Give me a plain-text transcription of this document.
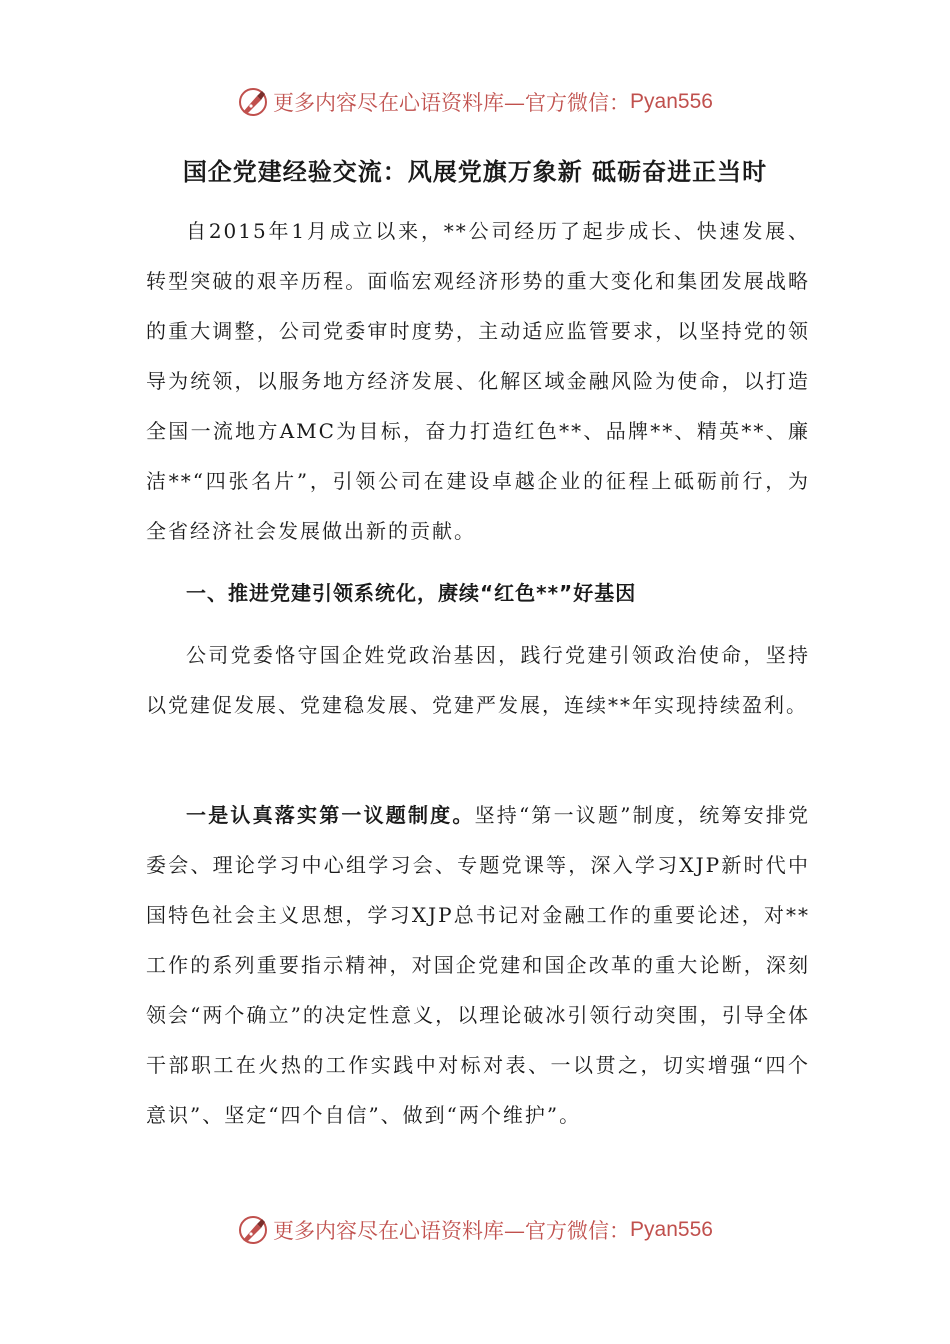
更多内容尽在心语资料库—官方微信： Pyan556
国企党建经验交流：风展党旗万象新 砥砺奋进正当时

自2015年1月成立以来，**公司经历了起步成长、快速发展、转型突破的艰辛历程。面临宏观经济形势的重大变化和集团发展战略的重大调整，公司党委审时度势，主动适应监管要求，以坚持党的领导为统领，以服务地方经济发展、化解区域金融风险为使命，以打造全国一流地方AMC为目标，奋力打造红色**、品牌**、精英**、廉洁**“四张名片”，引领公司在建设卓越企业的征程上砥砺前行，为全省经济社会发展做出新的贡献。

一、推进党建引领系统化，赓续“红色**”好基因

公司党委恪守国企姓党政治基因，践行党建引领政治使命，坚持以党建促发展、党建稳发展、党建严发展，连续**年实现持续盈利。

一是认真落实第一议题制度。坚持“第一议题”制度，统筹安排党委会、理论学习中心组学习会、专题党课等，深入学习XJP新时代中国特色社会主义思想，学习XJP总书记对金融工作的重要论述，对**工作的系列重要指示精神，对国企党建和国企改革的重大论断，深刻领会“两个确立”的决定性意义，以理论破冰引领行动突围，引导全体干部职工在火热的工作实践中对标对表、一以贯之，切实增强“四个意识”、坚定“四个自信”、做到“两个维护”。

更多内容尽在心语资料库—官方微信： Pyan556
